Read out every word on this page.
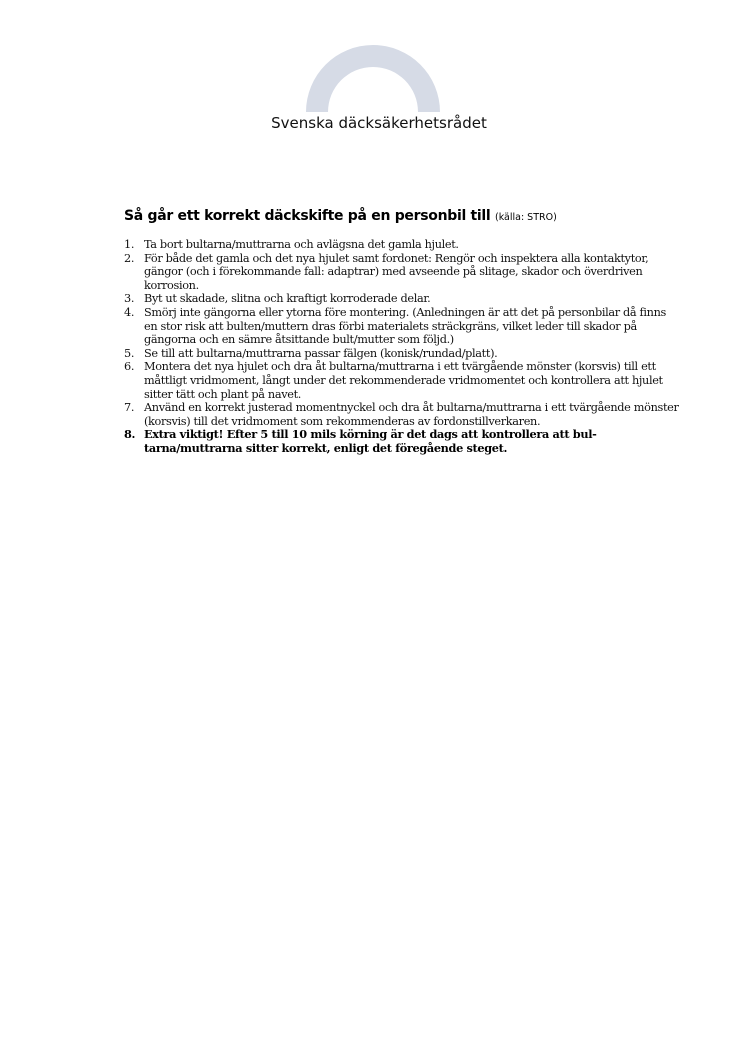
Svenska däcksäkerhetsrådet
Så går ett korrekt däckskifte på en personbil till (källa: STRO)
1. Ta bort bultarna/muttrarna och avlägsna det gamla hjulet.
2. För både det gamla och det nya hjulet samt fordonet: Rengör och inspektera alla kontaktytor, gängor (och i förekommande fall: adaptrar) med avseende på slitage, skador och överdriven korrosion.
3. Byt ut skadade, slitna och kraftigt korroderade delar.
4. Smörj inte gängorna eller ytorna före montering. (Anledningen är att det på personbilar då finns en stor risk att bulten/muttern dras förbi materialets sträckgräns, vilket leder till skador på gängorna och en sämre åtsittande bult/mutter som följd.)
5. Se till att bultarna/muttrarna passar fälgen (konisk/rundad/platt).
6. Montera det nya hjulet och dra åt bultarna/muttrarna i ett tvärgående mönster (korsvis) till ett måttligt vridmoment, långt under det rekommenderade vridmomentet och kontrollera att hjulet sitter tätt och plant på navet.
7. Använd en korrekt justerad momentnyckel och dra åt bultarna/muttrarna i ett tvärgående mönster (korsvis) till det vridmoment som rekommenderas av fordonstillverkaren.
8. Extra viktigt! Efter 5 till 10 mils körning är det dags att kontrollera att bultarna/muttrarna sitter korrekt, enligt det föregående steget.
